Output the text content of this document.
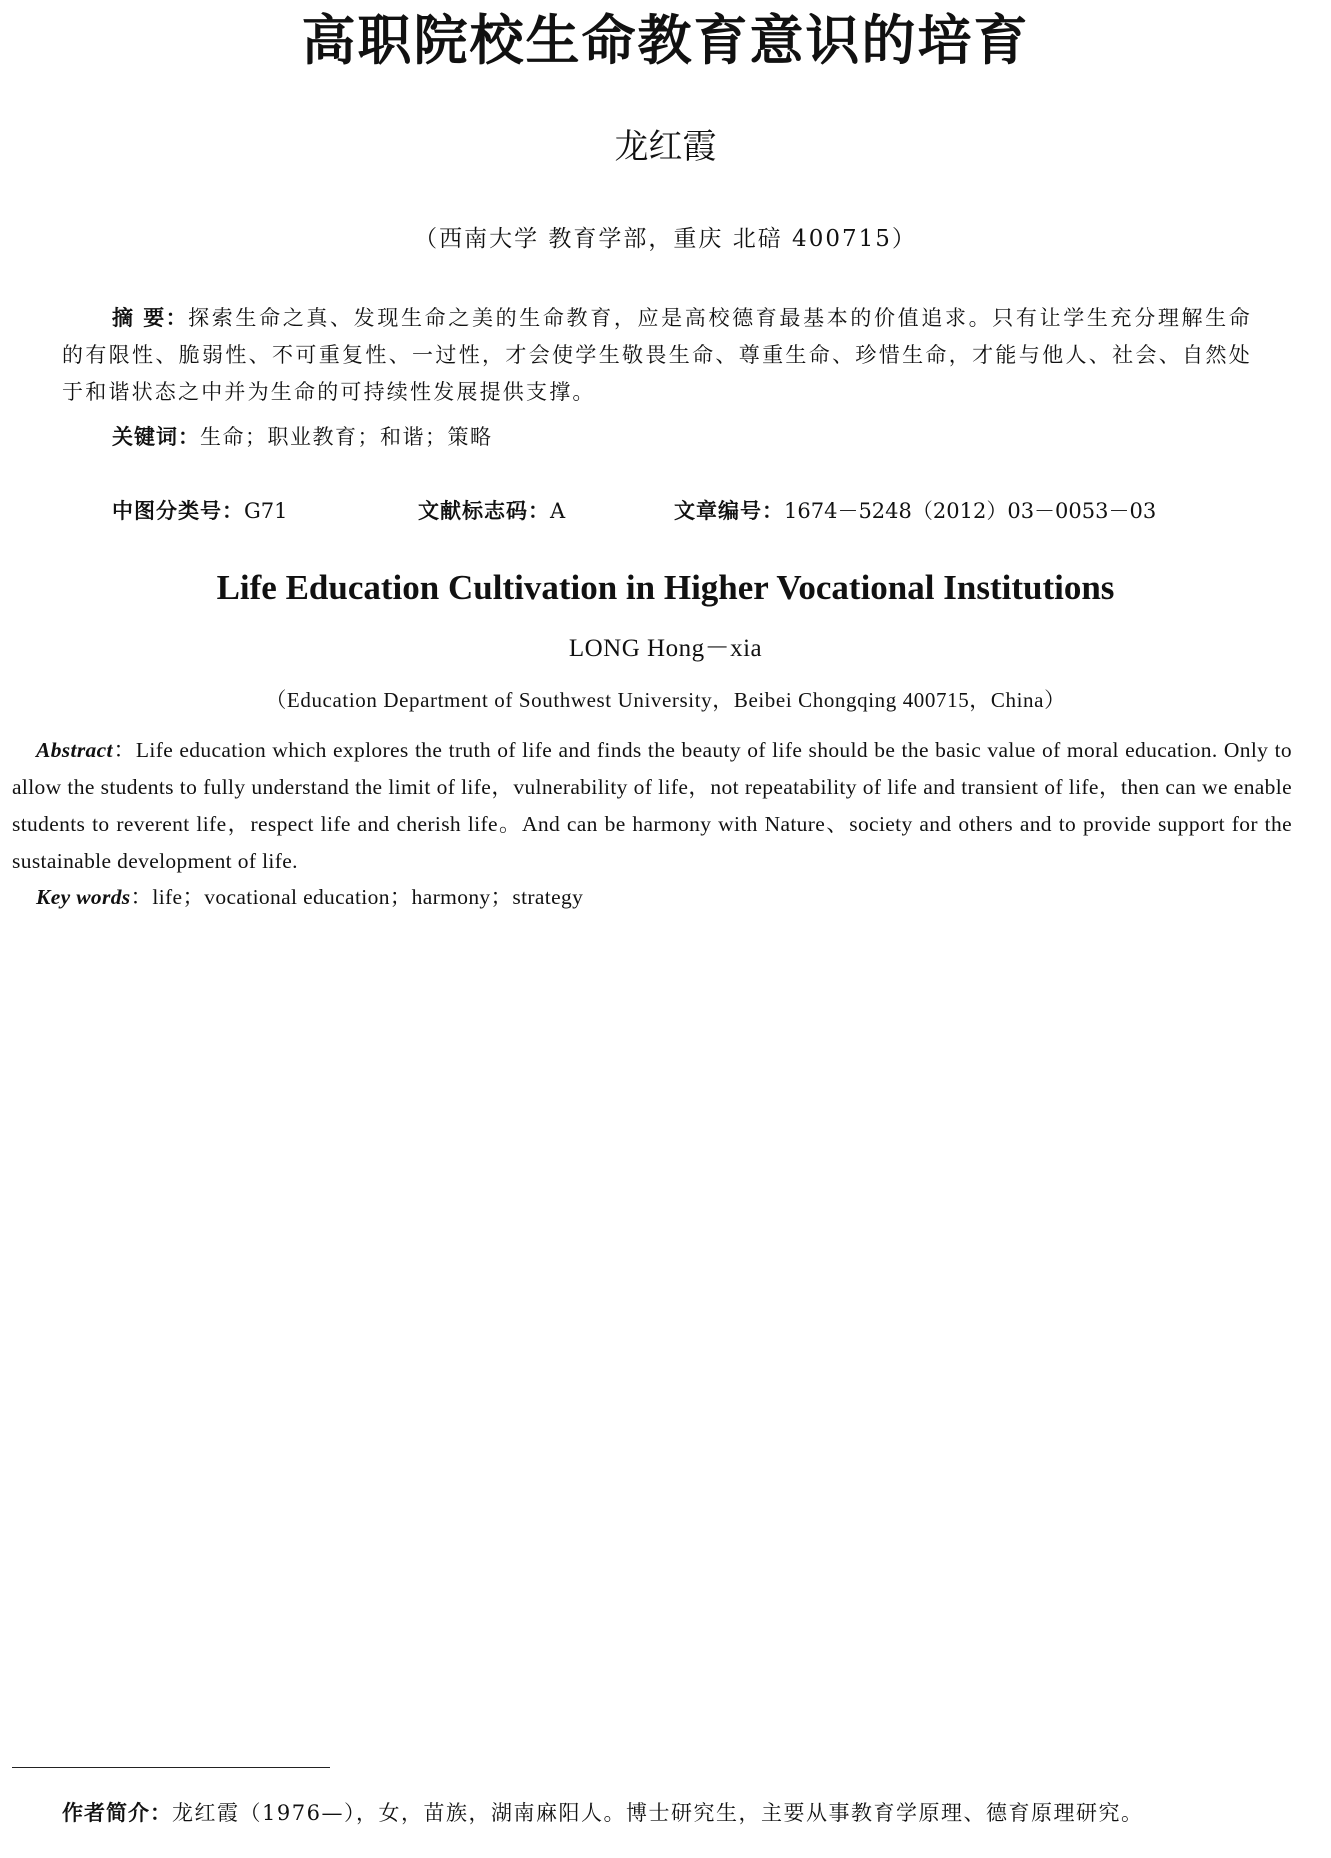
高职院校生命教育意识的培育
龙红霞
（西南大学 教育学部，重庆 北碚 400715）
摘 要：探索生命之真、发现生命之美的生命教育，应是高校德育最基本的价值追求。只有让学生充分理解生命的有限性、脆弱性、不可重复性、一过性，才会使学生敬畏生命、尊重生命、珍惜生命，才能与他人、社会、自然处于和谐状态之中并为生命的可持续性发展提供支撑。
关键词：生命；职业教育；和谐；策略
中图分类号：G71	文献标志码：A	文章编号：1674－5248（2012）03－0053－03
Life Education Cultivation in Higher Vocational Institutions
LONG Hong－xia
（Education Department of Southwest University，Beibei Chongqing 400715，China）
Abstract：Life education which explores the truth of life and finds the beauty of life should be the basic value of moral education. Only to allow the students to fully understand the limit of life，vulnerability of life，not repeatability of life and transient of life，then can we enable students to reverent life，respect life and cherish life。And can be harmony with Nature、society and others and to provide support for the sustainable development of life.
Key words：life；vocational education；harmony；strategy
作者简介：龙红霞（1976—），女，苗族，湖南麻阳人。博士研究生，主要从事教育学原理、德育原理研究。
